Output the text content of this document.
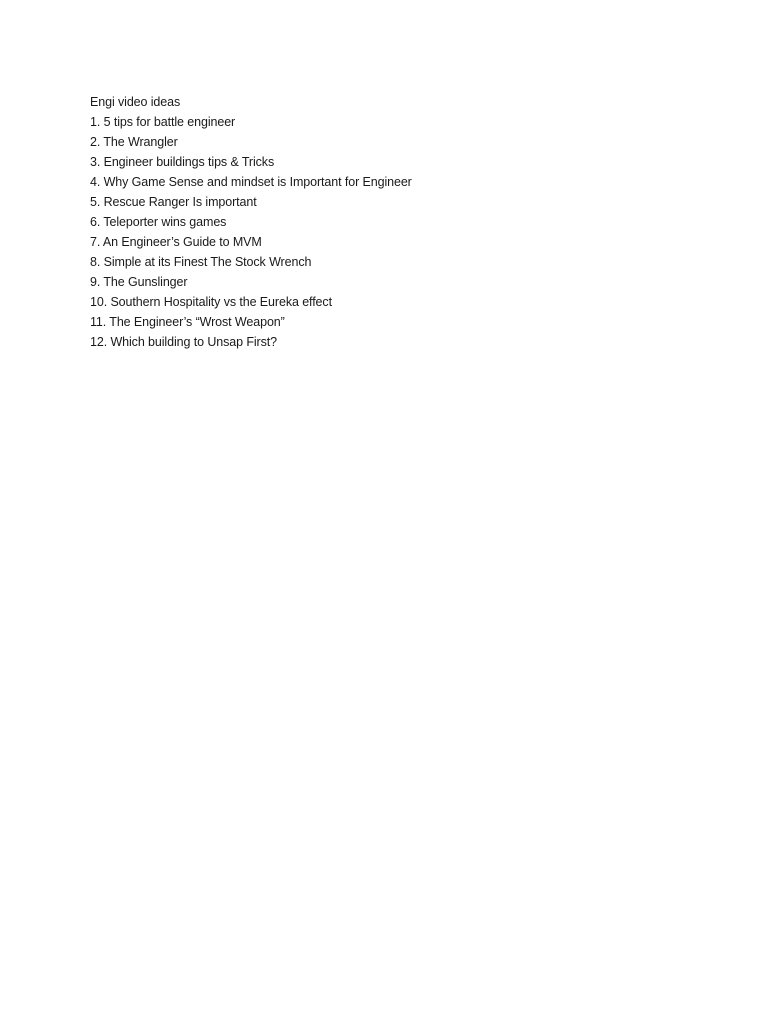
Engi video ideas
1. 5 tips for battle engineer
2. The Wrangler
3. Engineer buildings tips & Tricks
4. Why Game Sense and mindset is Important for Engineer
5. Rescue Ranger Is important
6. Teleporter wins games
7. An Engineer’s Guide to MVM
8. Simple at its Finest The Stock Wrench
9. The Gunslinger
10. Southern Hospitality vs the Eureka effect
11. The Engineer’s “Wrost Weapon”
12. Which building to Unsap First?
